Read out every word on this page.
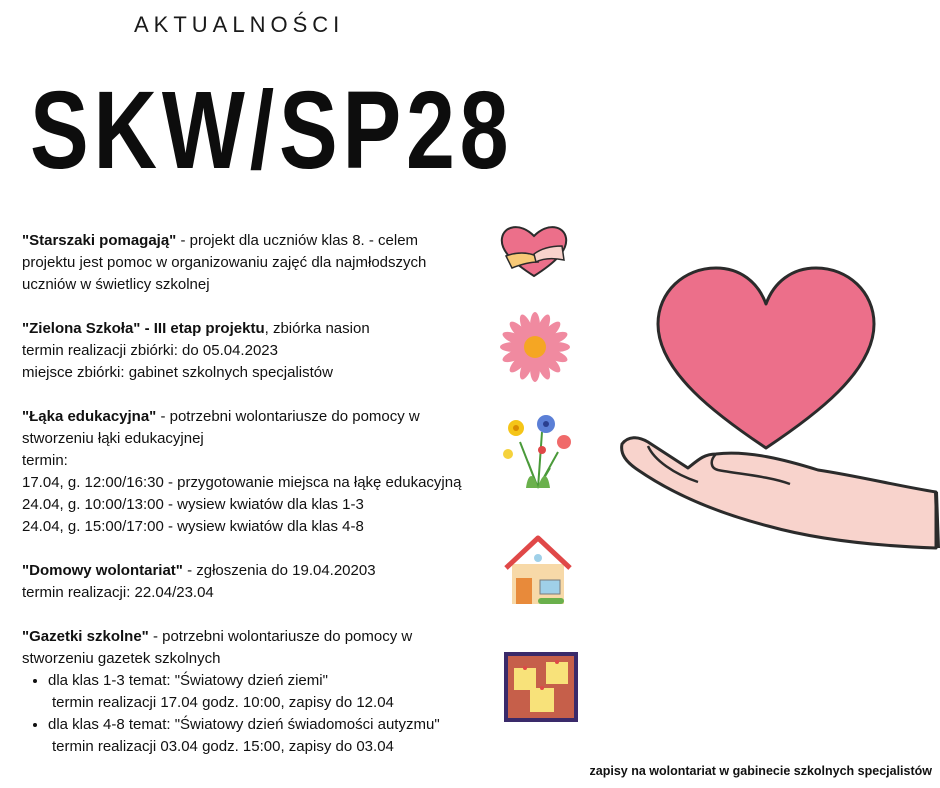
AKTUALNOŚCI
SKW/SP28

"Starszaki pomagają" - projekt dla uczniów klas 8. - celem

projektu jest pomoc w organizowaniu zajęć dla najmłodszych

uczniów w świetlicy szkolnej

"Zielona Szkoła" - III etap projektu, zbiórka nasion

termin realizacji zbiórki: do 05.04.2023

miejsce zbiórki: gabinet szkolnych specjalistów

"Łąka edukacyjna" - potrzebni wolontariusze do pomocy w

stworzeniu łąki edukacyjnej

termin:

17.04, g. 12:00/16:30 - przygotowanie miejsca na łąkę edukacyjną

24.04, g. 10:00/13:00 - wysiew kwiatów dla klas 1-3

24.04, g. 15:00/17:00 - wysiew kwiatów dla klas 4-8

"Domowy wolontariat" - zgłoszenia do 19.04.20203

termin realizacji: 22.04/23.04

"Gazetki szkolne" - potrzebni wolontariusze do pomocy w

stworzeniu gazetek szkolnych

• dla klas 1-3 temat: "Światowy dzień ziemi"
termin realizacji 17.04 godz. 10:00, zapisy do 12.04
• dla klas 4-8 temat: "Światowy dzień świadomości autyzmu"
termin realizacji 03.04 godz. 15:00, zapisy do 03.04
zapisy na wolontariat w gabinecie szkolnych specjalistów
